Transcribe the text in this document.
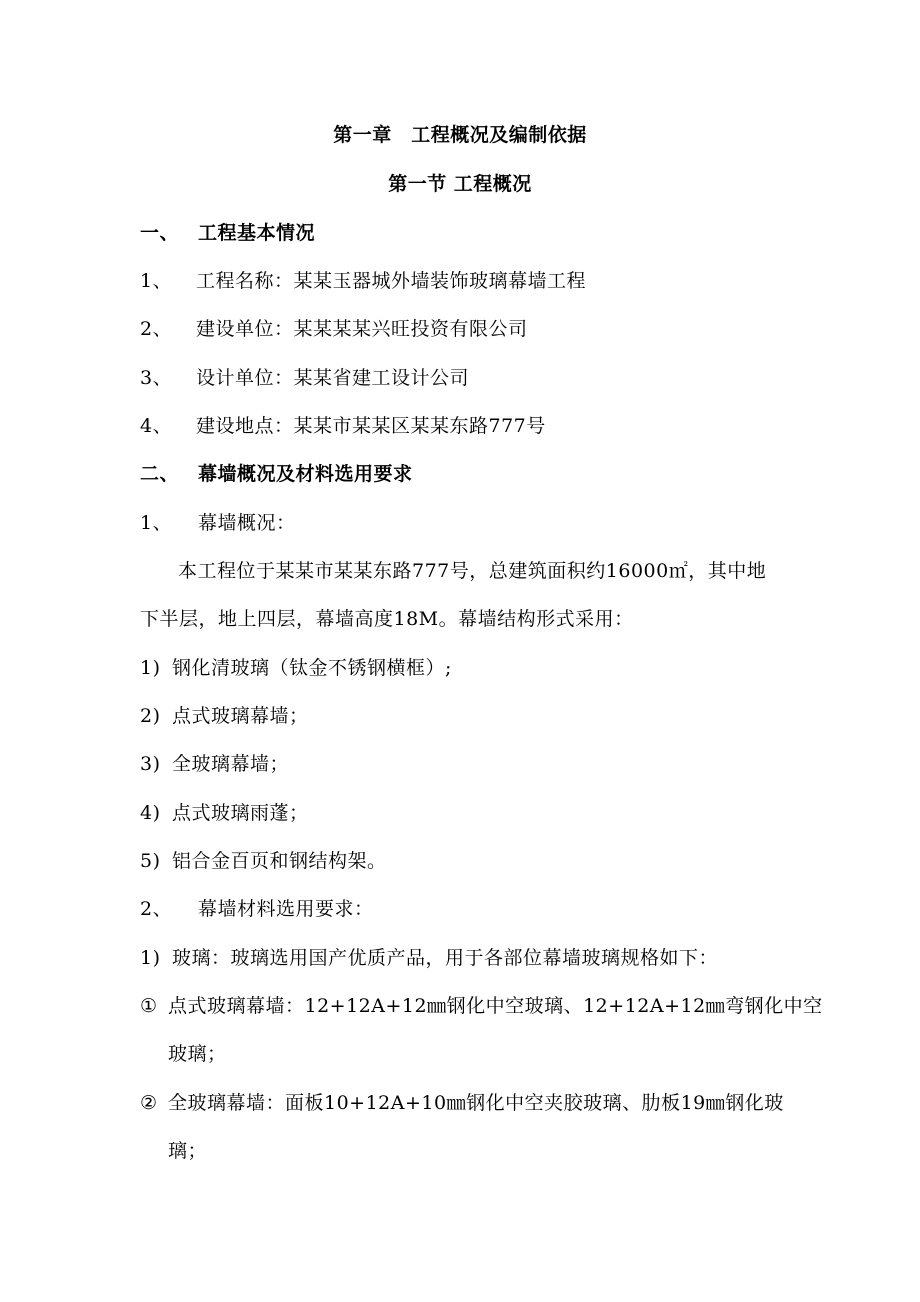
第一章　工程概况及编制依据
第一节 工程概况
一、 工程基本情况
1、 工程名称：某某玉器城外墙装饰玻璃幕墙工程
2、 建设单位：某某某某兴旺投资有限公司
3、 设计单位：某某省建工设计公司
4、 建设地点：某某市某某区某某东路777号
二、 幕墙概况及材料选用要求
1、 幕墙概况：
本工程位于某某市某某东路777号，总建筑面积约16000㎡，其中地
下半层，地上四层，幕墙高度18M。幕墙结构形式采用：
1) 钢化清玻璃（钛金不锈钢横框）;
2) 点式玻璃幕墙；
3) 全玻璃幕墙；
4) 点式玻璃雨蓬；
5) 铝合金百页和钢结构架。
2、 幕墙材料选用要求：
1) 玻璃：玻璃选用国产优质产品，用于各部位幕墙玻璃规格如下：
① 点式玻璃幕墙：12+12A+12㎜钢化中空玻璃、12+12A+12㎜弯钢化中空
玻璃；
② 全玻璃幕墙：面板10+12A+10㎜钢化中空夹胶玻璃、肋板19㎜钢化玻
璃；
